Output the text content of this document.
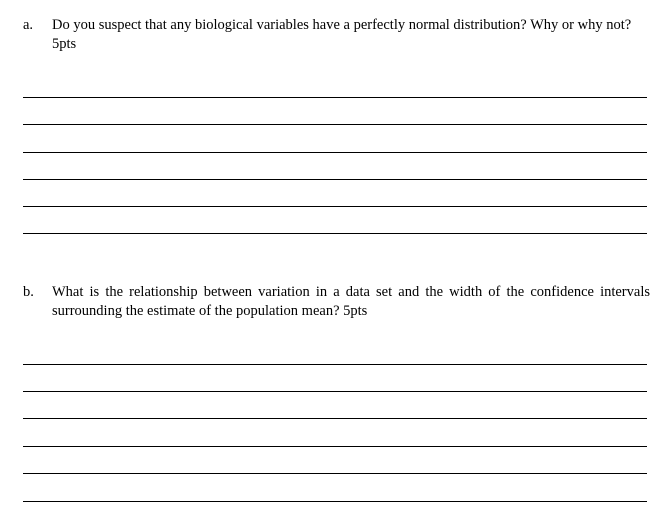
a. Do you suspect that any biological variables have a perfectly normal distribution? Why or why not? 5pts
b. What is the relationship between variation in a data set and the width of the confidence intervals surrounding the estimate of the population mean? 5pts
